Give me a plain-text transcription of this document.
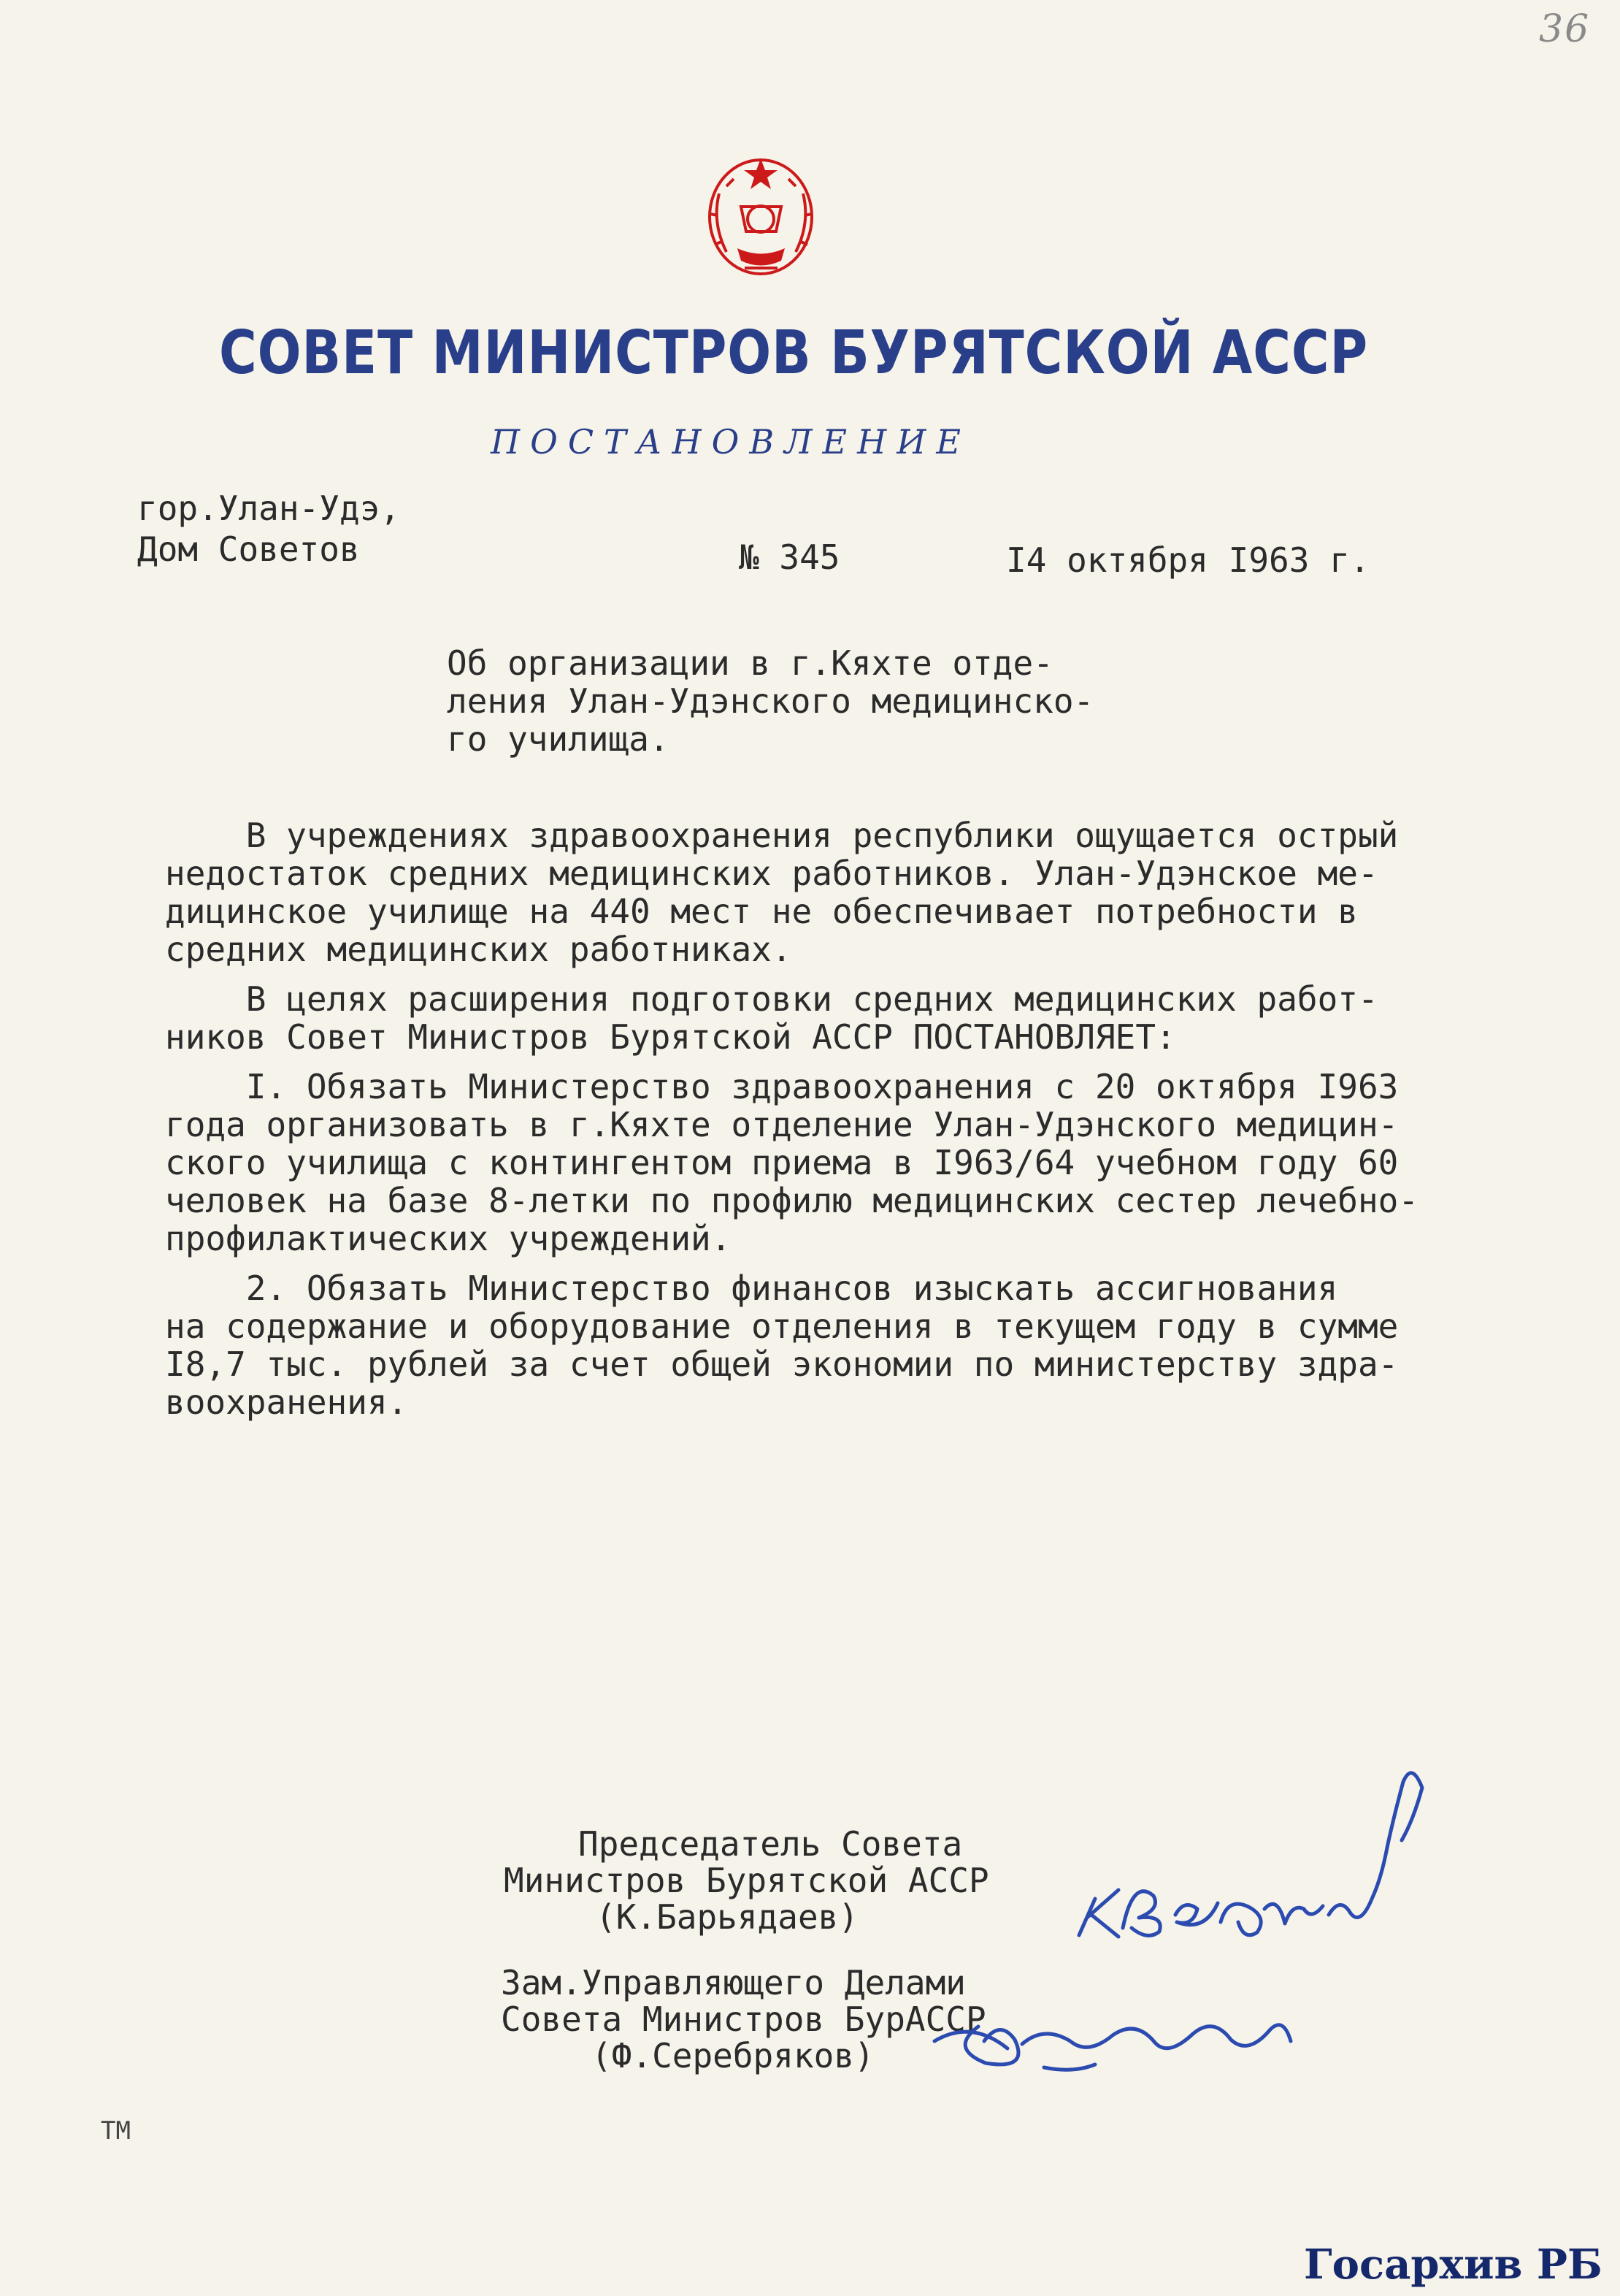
36
СОВЕТ МИНИСТРОВ БУРЯТСКОЙ АССР
ПОСТАНОВЛЕНИЕ
гор.Улан-Удэ,
Дом Советов	№ 345	I4 октября I963 г.
Об организации в г.Кяхте отде-
ления Улан-Удэнского медицинско-
го училища.
В учреждениях здравоохранения республики ощущается острый
недостаток средних медицинских работников. Улан-Удэнское ме-
дицинское училище на 440 мест не обеспечивает потребности в
средних медицинских работниках.
В целях расширения подготовки средних медицинских работ-
ников Совет Министров Бурятской АССР ПОСТАНОВЛЯЕТ:
I. Обязать Министерство здравоохранения с 20 октября I963
года организовать в г.Кяхте отделение Улан-Удэнского медицин-
ского училища с контингентом приема в I963/64 учебном году 60
человек на базе 8-летки по профилю медицинских сестер лечебно-
профилактических учреждений.
2. Обязать Министерство финансов изыскать ассигнования
на содержание и оборудование отделения в текущем году в сумме
I8,7 тыс. рублей за счет общей экономии по министерству здра-
воохранения.
Председатель Совета
Министров Бурятской АССР
(К.Барьядаев)
Зам.Управляющего Делами
Совета Министров БурАССР
(Ф.Серебряков)
ТМ
Госархив РБ
